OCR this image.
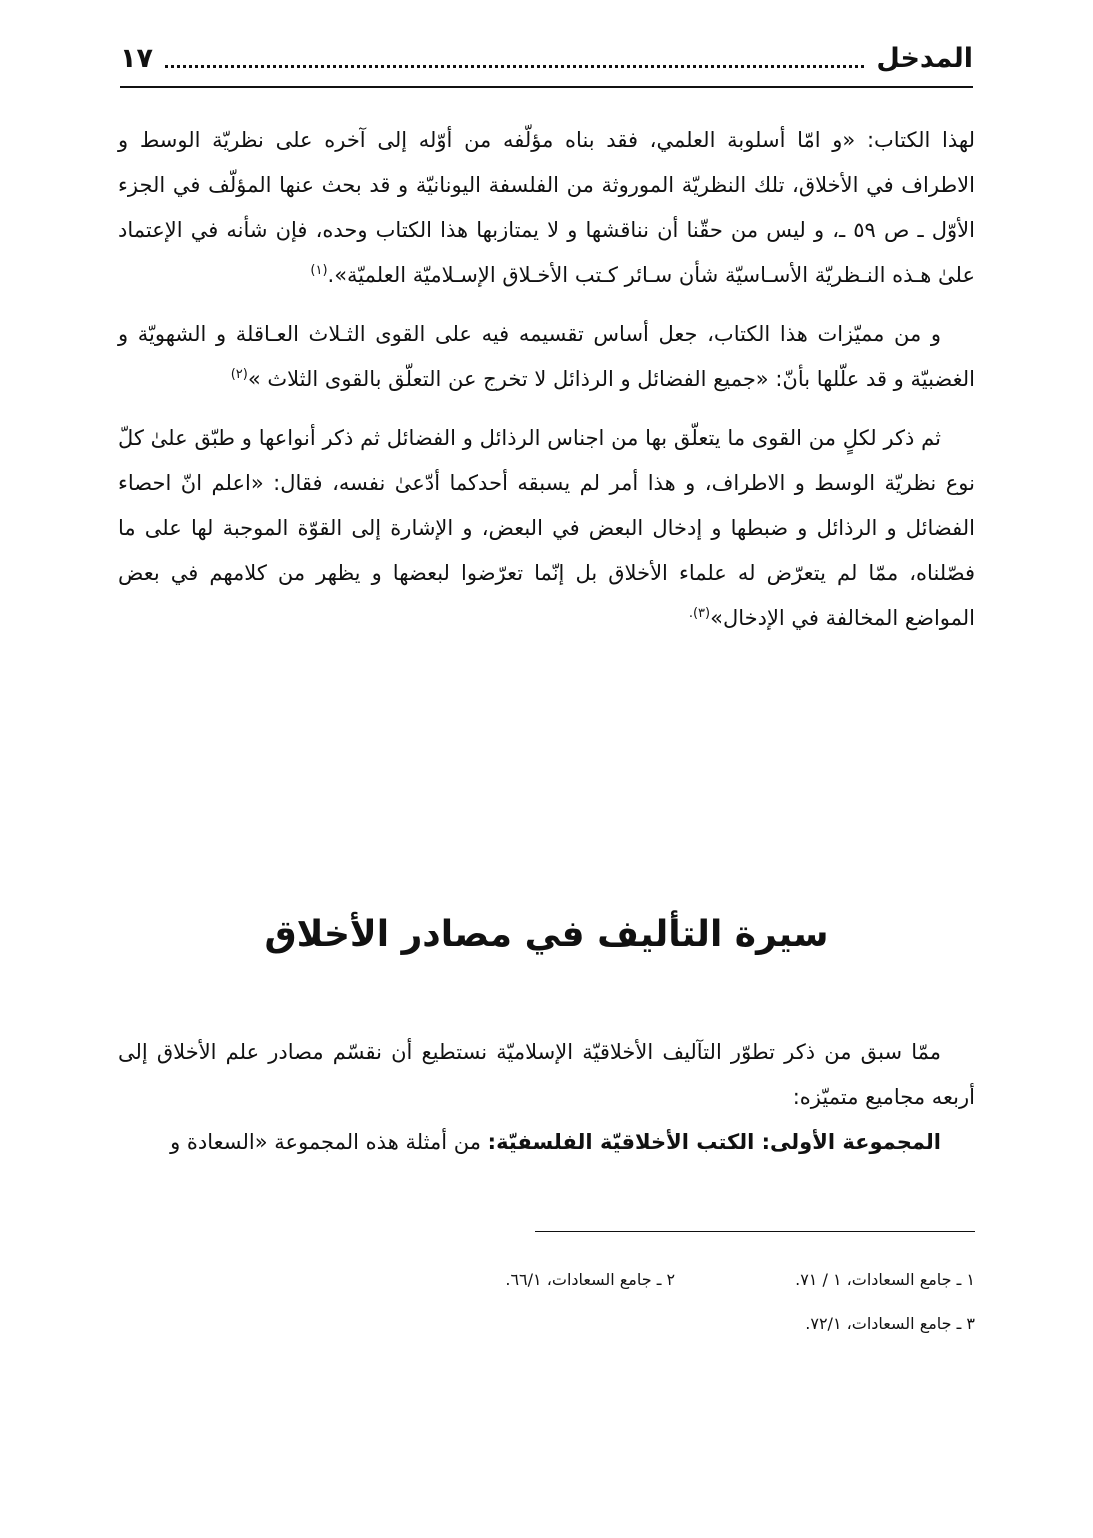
المدخل
١٧

لهذا الكتاب: «و امّا أسلوبة العلمي، فقد بناه مؤلّفه من أوّله إلى آخره على نظريّة الوسط و الاطراف في الأخلاق، تلك النظريّة الموروثة من الفلسفة اليونانيّة و قد بحث عنها المؤلّف في الجزء الأوّل ـ ص ٥٩ ـ، و ليس من حقّنا أن نناقشها و لا يمتازبها هذا الكتاب وحده، فإن شأنه في الإعتماد علىٰ هـذه النـظريّة الأسـاسيّة شأن سـائر كـتب الأخـلاق الإسـلاميّة العلميّة».$^{(١)}$

و من مميّزات هذا الكتاب، جعل أساس تقسيمه فيه على القوى الثـلاث العـاقلة و الشهويّة و الغضبيّة و قد علّلها بأنّ: «جميع الفضائل و الرذائل لا تخرج عن التعلّق بالقوى الثلاث »$^{(٢)}$

ثم ذكر لكلٍ من القوى ما يتعلّق بها من اجناس الرذائل و الفضائل ثم ذكر أنواعها و طبّق علىٰ كلّ نوع نظريّة الوسط و الاطراف، و هذا أمر لم يسبقه أحدكما أدّعىٰ نفسه، فقال: «اعلم انّ احصاء الفضائل و الرذائل و ضبطها و إدخال البعض في البعض، و الإشارة إلى القوّة الموجبة لها على ما فصّلناه، ممّا لم يتعرّض له علماء الأخلاق بل إنّما تعرّضوا لبعضها و يظهر من كلامهم في بعض المواضع المخالفة في الإدخال»$^{(٣).}$

سيرة التأليف في مصادر الأخلاق

ممّا سبق من ذكر تطوّر التآليف الأخلاقيّة الإسلاميّة نستطيع أن نقسّم مصادر علم الأخلاق إلى أربعه مجاميع متميّزه:

المجموعة الأولى: الكتب الأخلاقيّة الفلسفيّة: من أمثلة هذه المجموعة «السعادة و

١ ـ جامع السعادات، ١ / ٧١.
٢ ـ جامع السعادات، ٦٦/١.
٣ ـ جامع السعادات، ٧٢/١.
